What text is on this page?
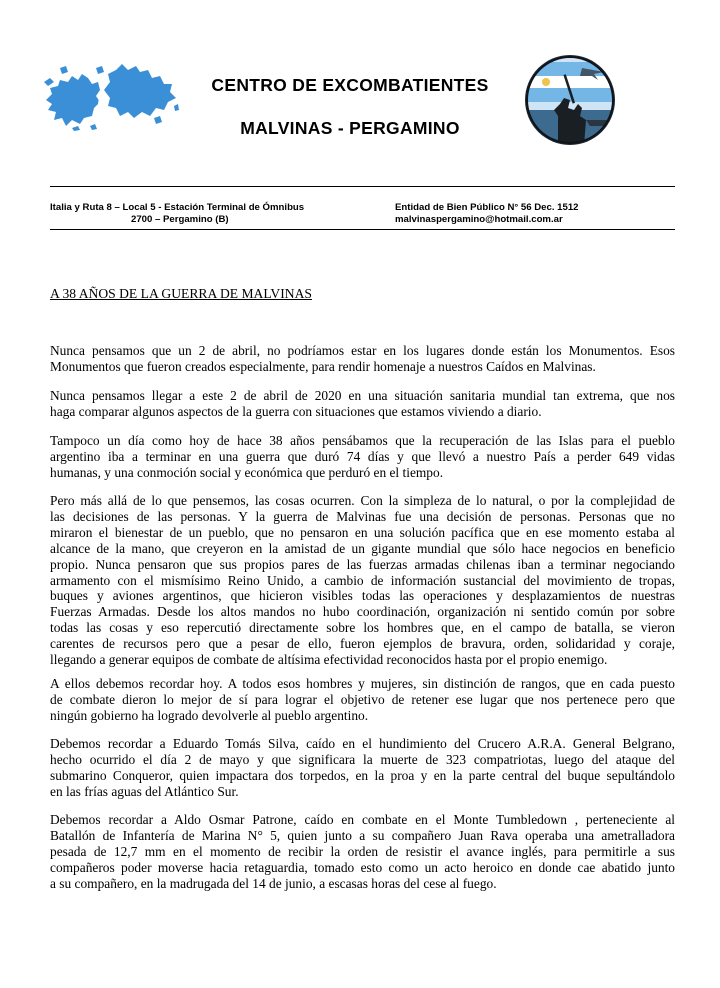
CENTRO DE EXCOMBATIENTES
MALVINAS - PERGAMINO
Italia y Ruta 8 – Local 5 - Estación Terminal de Ómnibus
2700 – Pergamino (B)
Entidad de Bien Público N° 56 Dec. 1512
malvinaspergamino@hotmail.com.ar
A 38 AÑOS DE LA GUERRA DE MALVINAS
Nunca pensamos que un 2 de abril, no podríamos estar en los lugares donde están los Monumentos. Esos
Monumentos que fueron creados especialmente, para rendir homenaje a nuestros Caídos en Malvinas.
Nunca pensamos llegar a este 2 de abril de 2020 en una situación sanitaria mundial tan extrema, que nos
haga comparar algunos aspectos de la guerra con situaciones que estamos viviendo a diario.
Tampoco un día como hoy de hace 38 años pensábamos que la recuperación de las Islas para el pueblo
argentino iba a terminar en una guerra que duró 74 días y que llevó a nuestro País a perder 649 vidas
humanas, y una conmoción social y económica que perduró en el tiempo.
Pero más allá de lo que pensemos, las cosas ocurren. Con la simpleza de lo natural, o por la complejidad de
las decisiones de las personas. Y la guerra de Malvinas fue una decisión de personas. Personas que no
miraron el bienestar de un pueblo, que no pensaron en una solución pacífica que en ese momento estaba al
alcance de la mano, que creyeron en la amistad de un gigante mundial que sólo hace negocios en beneficio
propio. Nunca pensaron que sus propios pares de las fuerzas armadas chilenas iban a terminar negociando
armamento con el mismísimo Reino Unido, a cambio de información sustancial del movimiento de tropas,
buques y aviones argentinos, que hicieron visibles todas las operaciones y desplazamientos de nuestras
Fuerzas Armadas. Desde los altos mandos no hubo coordinación, organización ni sentido común por sobre
todas las cosas y eso repercutió directamente sobre los hombres que, en el campo de batalla, se vieron
carentes de recursos pero que a pesar de ello, fueron ejemplos de bravura, orden, solidaridad y coraje,
llegando a generar equipos de combate de altísima efectividad reconocidos hasta por el propio enemigo.
A ellos debemos recordar hoy. A todos esos hombres y mujeres, sin distinción de rangos, que en cada puesto
de combate dieron lo mejor de sí para lograr el objetivo de retener ese lugar que nos pertenece pero que
ningún gobierno ha logrado devolverle al pueblo argentino.
Debemos recordar a Eduardo Tomás Silva, caído en el hundimiento del Crucero A.R.A. General Belgrano,
hecho ocurrido el día 2 de mayo y que significara la muerte de 323 compatriotas, luego del ataque del
submarino Conqueror, quien impactara dos torpedos, en la proa y en la parte central del buque sepultándolo
en las frías aguas del Atlántico Sur.
Debemos recordar a Aldo Osmar Patrone, caído en combate en el Monte Tumbledown , perteneciente al
Batallón de Infantería de Marina N° 5, quien junto a su compañero Juan Rava operaba una ametralladora
pesada de 12,7 mm en el momento de recibir la orden de resistir el avance inglés, para permitirle a sus
compañeros poder moverse hacia retaguardia, tomado esto como un acto heroico en donde cae abatido junto
a su compañero, en la madrugada del 14 de junio, a escasas horas del cese al fuego.
